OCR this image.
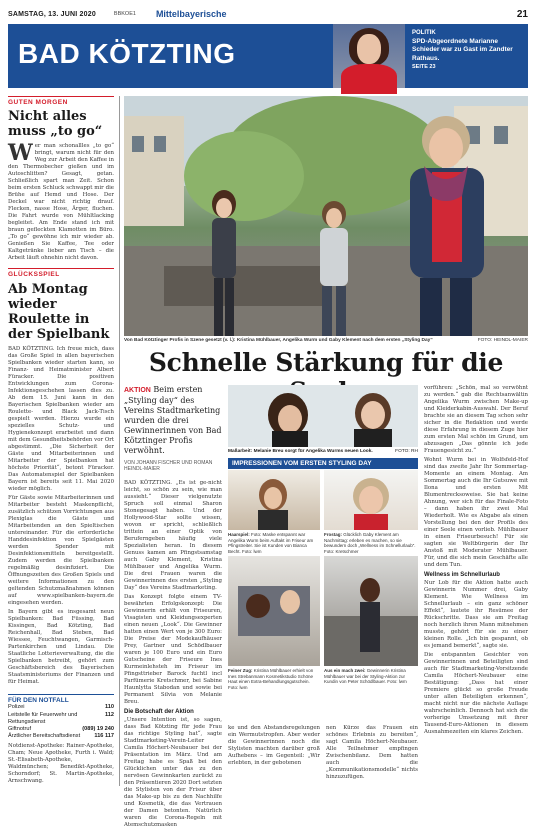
SAMSTAG, 13. JUNI 2020	BBKOE1 Mittelbayerische	21
BAD KÖTZTING
POLITIK
SPD-Abgeordnete Marianne Schieder war zu Gast im Zandter Rathaus.
SEITE 23
GUTEN MORGEN
Nicht alles muss „to go“
Wer man schonallles „to go“ bringt, warum nicht für den Weg zur Arbeit den Kaffee in den Thermobecher gießen und im Autoschlitten? Gesagt, getan. Schließlich spart man Zeit. Schon beim ersten Schluck schwappt mir die Brühe auf Hemd und Hose. Der Deckel war nicht richtig drauf. Flecken, nasse Hose, Ärger, fluchen. Die Fahrt wurde von Mühltlacking begleitet. Am Ende stand ich mit braun gefleckten Klamotten im Büro. „To go“ gewöhne ich mir wieder ab. Genießen Sie Kaffee, Tee oder Kaltgetränke lieber am Tisch – die Arbeit läuft ohnehin nicht davon.
GLÜCKSSPIEL
Ab Montag wieder Roulette in der Spielbank

BAD KÖTZTING. Ich freue mich, dass das Große Spiel in allen bayerischen Spielbanken wieder starten kann, so Finanz- und Heimatminister Albert Füracker. Die positiven Entwicklungen zum Corona-Infektionsgeschehen lassen dies zu. Ab dem 15. Juni kann in den Bayerischen Spielbanken wieder am Roulette- und Black Jack-Tisch gespielt werden. Hierzu wurde ein spezielles Schutz- und Hygienekonzept erarbeitet und dann mit dem Gesundheitsbehörden vor Ort abgestimmt. „Die Sicherheit der Gäste und Mitarbeiterinnen und Mitarbeiter der Spielbanken hat höchste Priorität“, betont Füracker. Das Automatenspiel der Spielbanken Bayern ist bereits seit 11. Mai 2020 wieder möglich.

Für Gäste sowie Mitarbeiterinnen und Mitarbeiter besteht Maskenpflicht, zusätzlich schützen Vorrichtungen aus Plexiglas die Gäste und Mitarbeitenden an den Spieltischen untereinander. Für die erforderliche Handdesinfektion von Spielgästen werden Spender mit Desinfektionsmitteln bereitgestellt. Zudem werden die Spielbanken regelmäßig desinfiziert. Die Öffnungszeiten des Großen Spiels und weitere Informationen zu den geltenden Schutzmaßnahmen können auf www.spielbanken-bayern.de eingesehen werden.

In Bayern gibt es insgesamt neun Spielbanken: Bad Füssing, Bad Kissingen, Bad Kötzting, Bad Reichenhall, Bad Steben, Bad Wiessee, Feuchtwangen, Garmisch-Partenkirchen und Lindau. Die Staatliche Lotterieverwaltung, die die Spielbanken betreibt, gehört zum Geschäftsbereich des Bayerischen Staatsministeriums der Finanzen und für Heimat.

FÜR DEN NOTFALL
Polizei	110
Leitstelle für Feuerwehr und Rettungsdienst
112
Giftnotruf	(089) 19 240
Ärztlicher Bereitschaftsdienst	116 117

Notdienst-Apotheke: Rainer-Apotheke, Cham; Neue Apotheke, Furth i. Wald; St.-Elisabeth-Apotheke, Waldmünchen; Benedikt-Apotheke, Schorndorf; St. Martin-Apotheke, Arnschwang.

Von Bad Kötztinger Profis in Szene gesetzt (v. l.): Kristina Mühlbauer, Angelika Wurm und Gaby Klement nach dem ersten „Styling Day“	FOTO: HEINDL-MAIER
Schnelle Stärkung für die
AKTION Beim ersten „Styling day“ des Vereins Stadtmarketing wurden die drei Gewinnerinnen von Bad Kötztinger Profis verwöhnt.
VON JOHANN FISCHER UND ROMAN HEINDL-MAIER

BAD KÖTZTING. „Es ist ge-nicht leicht, so schön zu sein, wie man aussieht.“ Dieser vielgenutzte Spruch soll einmal Sharon Stonegesagt haben. Und der Hollywood-Star sollte wissen, wovon er spricht, schließlich trittein an einer Optik von Beruferngeben häufig viele Spezialisten heran. In diesem Genuss kamen am Pfingstsamstag auch Gaby Klement, Kristina Mühlbauer und Angelika Wurm. Die drei Frauen waren die Gewinnerinnen des ersten „Styling Day“ des Vereins Stadtmarketing.

Das Konzept folgte einem TV-bewährten Erfolgskonzept: Die Gewinnerin erhält von Friseuren, Visagisten und Kleidungsexperten einen neuen „Look“. Die Gewinner hatten einen Wert von je 300 Euro: Die Preise der Modekaufhäuser Prey, Gartner und Schödlbauer waren je 100 Euro und ein Euro Gutscheine der Friseure Ines Kurmeinlehsteh im Friseur im Pfingsttrieber Barock fuchtl incl Parfümerie Kretschmer, bei Sabine Haunlytta Stabodan und sowie bei Permanent Silvia von Melanie Breu.

Die Botschaft der Aktion

„Unsere Intention ist, so sagen, dass Bad Kötzting für jede Frau das richtige Styling hat“, sagte Stadtmarketing-Verein-Leiter Camila Höchert-Neubauer bei der Präsentation im März. Und am Freitag habe es Spaß bei den Glücklichen unter das zu den nervösen Gewinnkarten zurückt zu den Präsentieren 2020 Dort setzten die Stylisten von der Frisur über das Make-up bis zu den Nachhilfe und Kosmetik, die das Vertrauen der Damen betonten. Natürlich waren die Corona-Regeln mit Atemschutzmasken

Maßarbeit: Melanie Breu sorgt für Angelika Wurms neuen Look.	FOTO: RH
IMPRESSIONEN VOM ERSTEN STYLING DAY
Haarspiel: Foto: Maske entspannt war Angelika Wurm beim Auftakt im Friseur am Pfingstreiter. Sie ist Kunden von Bianca Becht. Foto: lwm
Frostag: Glücklich Gaby Klement am Nachmittag: erleben es machen, so sie bewundern doch „Wellness im Schnellurlaub“. Foto: Kretschmer
Feiner Zug: Kristina Mühlbauer erhielt von Ines Strebanmann Kosmetikstudio Schöne Haut einen Extra-Behandlungsgutschein. Foto: lwm
Aus ein mach zwei: Gewinnerin Kristina Mühlbauer war bei der Styling-Aktion zur Kundin von Peter Schödlbauer. Foto: lwm
ke und den Abstandsregelungen ein Wermutstropfen. Aber weder die Gewinnerinnen noch die Stylisten machten darüber groß Aufhebens – im Gegenteil: „Wir erlebten, in der gebotenen
nen Kürze das Frauen ein schönes Erlebnis zu bereiten“, sagt Camila Höchert-Neubauer. Alle Teilnehmer empfingen Zwischenbilanz. Dem hatten auch die „Kommunikationsmodelle“ nichts hinzuzufügen.

vorführen: „Schön, mal so verwöhnt zu werden.“ gab die Rechtsanwältin Angelika Wurm zwischen Make-up und Kleiderkabin-Auswahl. Der Beruf brachte sie an diesem Tag schon sehr sicher in die Redaktion und werde diese Erfahrung in diesem Zuge hier zum ersten Mal schön im Grund, um abzusagen „Das gönnte ich jede Frauengesicht zu.“

Wohnt Wurm bei in Wolfsfeld-Hof sind das zweite Jahr Ihr Sommertag-Momente an einem Montag. Am Sommertag auch die Ihr Gutsuwe mit Ilona und ersten Mit Blumentrecksoweise. Sie hat keine Ahnung, wer sich für das Finale-Foto – dann haben ihr zwei Mal Wiederholt. Wie es Abgabe als einen Vorstellung bei den der Profils des einer Seele einen vorlieb. Mühlbauer in einen Friseurbesuch! Für sie sagten sie Weltbürgerin der Ihr Anstoß mit Moderater Mühlbauer. Für, und die sich mein Geschäfte alle und dem Tun.

Wellness im Schnellurlaub

Nur Lob für die Aktion hatte auch Gewinnerin Nummer drei, Gaby Klement. Wie Wellness im Schnellurlaub – ein ganz schöner Effekt“, lautete ihr Resümee der Rückschritte. Dass sie am Freitag noch herzlich ihren Mann mitnehmen musste, gehört für sie zu einer kleinen Rolle. „Ich bin gespannt, ob es jemand bemerkt“, sagte sie.

Die entspannten Gesichter von Gewinnerinnen und Beteiligten sind auch für Stadtmarketing-Vorsitzende Camila Höchert-Neubauer eine Bestätigung: „Dass hat einer Premiere glückt so große Freude unter allen Beteiligten erkennen“, macht nicht nur die nächste Auflage wahrscheinlich. Dennoch hat sich die vorherige Umsetzung mit ihrer Tausend-Euro-Aktionen in diesem Ausnahmezeiten ein klares Zeichen.
